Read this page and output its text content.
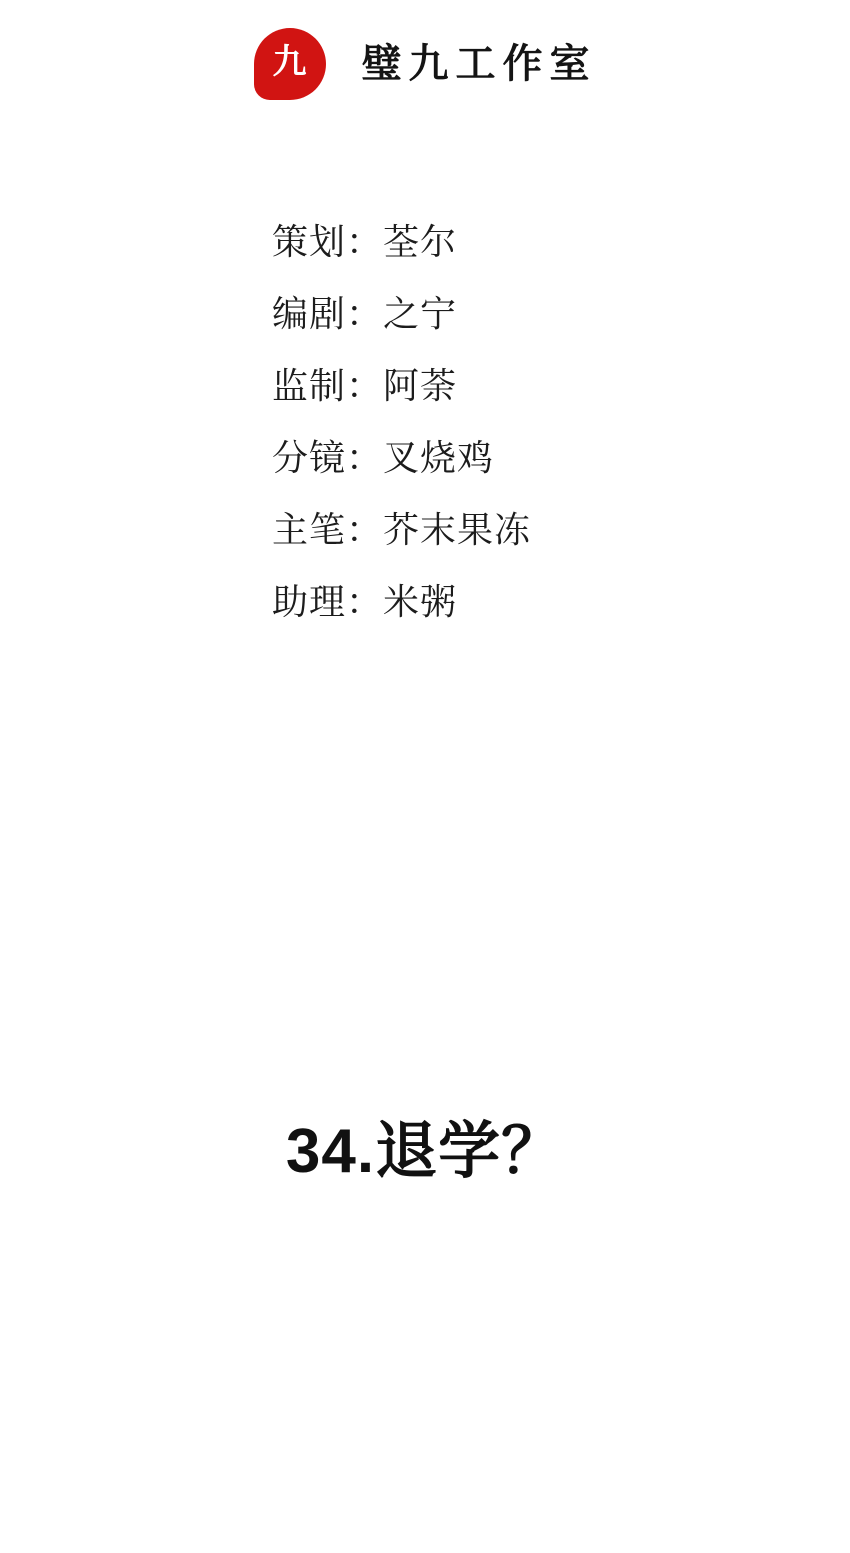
九	璧九工作室
策划：荃尔
编剧：之宁
监制：阿荼
分镜：叉烧鸡
主笔：芥末果冻
助理：米粥
34.退学？
